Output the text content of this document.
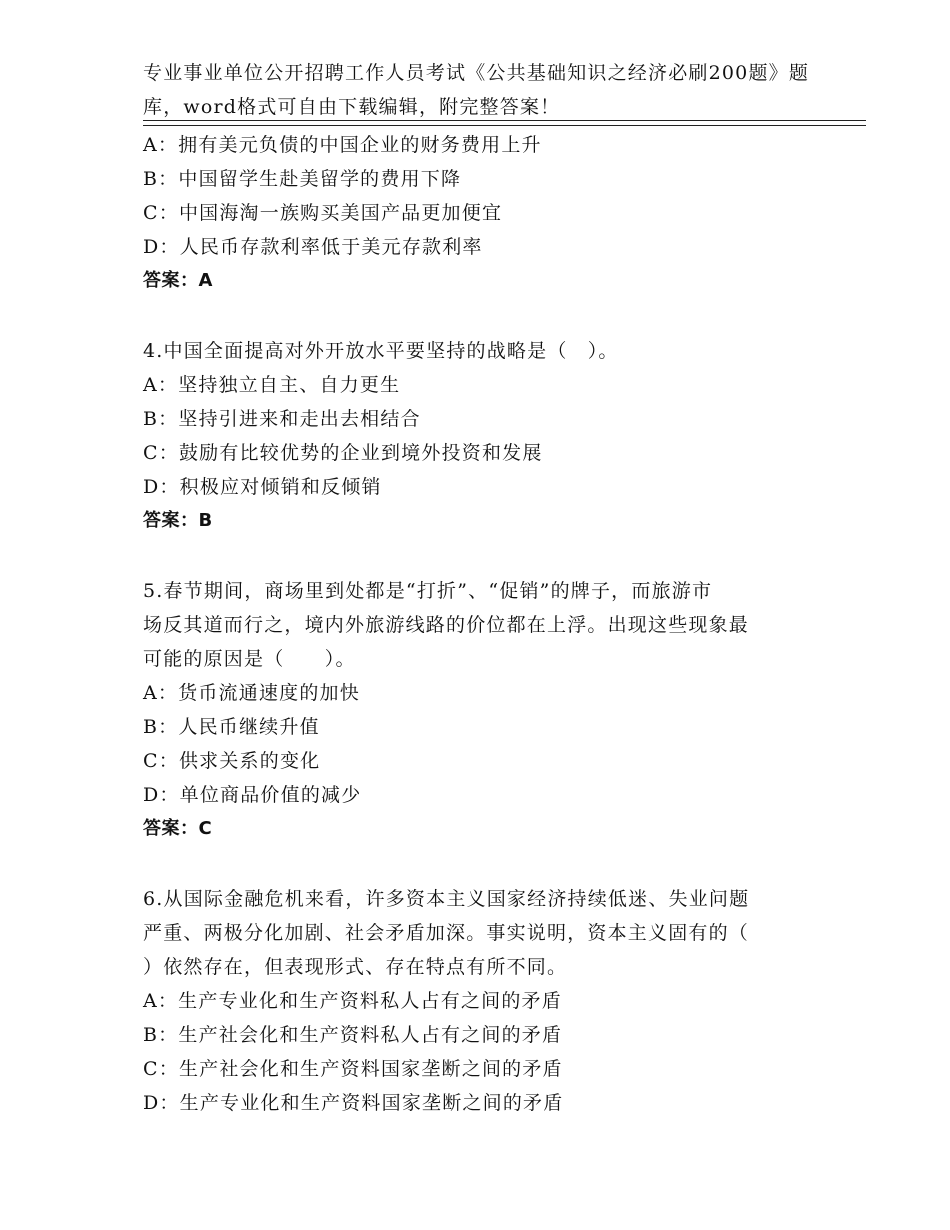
专业事业单位公开招聘工作人员考试《公共基础知识之经济必刷200题》题
库，word格式可自由下载编辑，附完整答案！
A：拥有美元负债的中国企业的财务费用上升
B：中国留学生赴美留学的费用下降
C：中国海淘一族购买美国产品更加便宜
D：人民币存款利率低于美元存款利率
答案：A
4.中国全面提高对外开放水平要坚持的战略是（　）。
A：坚持独立自主、自力更生
B：坚持引进来和走出去相结合
C：鼓励有比较优势的企业到境外投资和发展
D：积极应对倾销和反倾销
答案：B
5.春节期间，商场里到处都是“打折”、“促销”的牌子，而旅游市
场反其道而行之，境内外旅游线路的价位都在上浮。出现这些现象最
可能的原因是（　　）。
A：货币流通速度的加快
B：人民币继续升值
C：供求关系的变化
D：单位商品价值的减少
答案：C
6.从国际金融危机来看，许多资本主义国家经济持续低迷、失业问题
严重、两极分化加剧、社会矛盾加深。事实说明，资本主义固有的（
）依然存在，但表现形式、存在特点有所不同。
A：生产专业化和生产资料私人占有之间的矛盾
B：生产社会化和生产资料私人占有之间的矛盾
C：生产社会化和生产资料国家垄断之间的矛盾
D：生产专业化和生产资料国家垄断之间的矛盾
